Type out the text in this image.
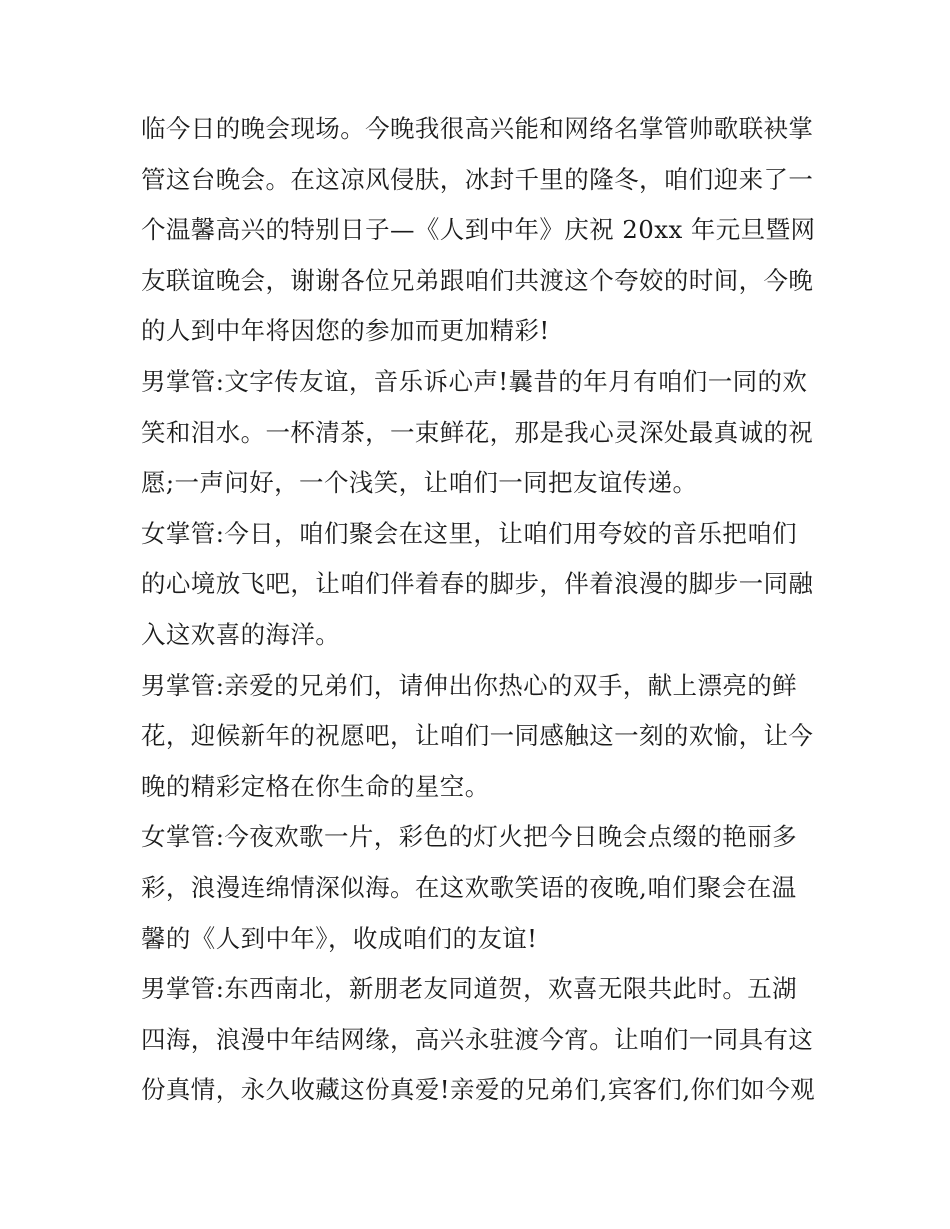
临今日的晚会现场。今晚我很高兴能和网络名掌管帅歌联袂掌
管这台晚会。在这凉风侵肤，冰封千里的隆冬，咱们迎来了一
个温馨高兴的特别日子—《人到中年》庆祝 20xx 年元旦暨网
友联谊晚会，谢谢各位兄弟跟咱们共渡这个夸姣的时间，今晚
的人到中年将因您的参加而更加精彩!
男掌管:文字传友谊，音乐诉心声!曩昔的年月有咱们一同的欢
笑和泪水。一杯清茶，一束鲜花，那是我心灵深处最真诚的祝
愿;一声问好，一个浅笑，让咱们一同把友谊传递。
女掌管:今日，咱们聚会在这里，让咱们用夸姣的音乐把咱们
的心境放飞吧，让咱们伴着春的脚步，伴着浪漫的脚步一同融
入这欢喜的海洋。
男掌管:亲爱的兄弟们，请伸出你热心的双手，献上漂亮的鲜
花，迎候新年的祝愿吧，让咱们一同感触这一刻的欢愉，让今
晚的精彩定格在你生命的星空。
女掌管:今夜欢歌一片，彩色的灯火把今日晚会点缀的艳丽多
彩，浪漫连绵情深似海。在这欢歌笑语的夜晚,咱们聚会在温
馨的《人到中年》，收成咱们的友谊!
男掌管:东西南北，新朋老友同道贺，欢喜无限共此时。五湖
四海，浪漫中年结网缘，高兴永驻渡今宵。让咱们一同具有这
份真情，永久收藏这份真爱!亲爱的兄弟们,宾客们,你们如今观
